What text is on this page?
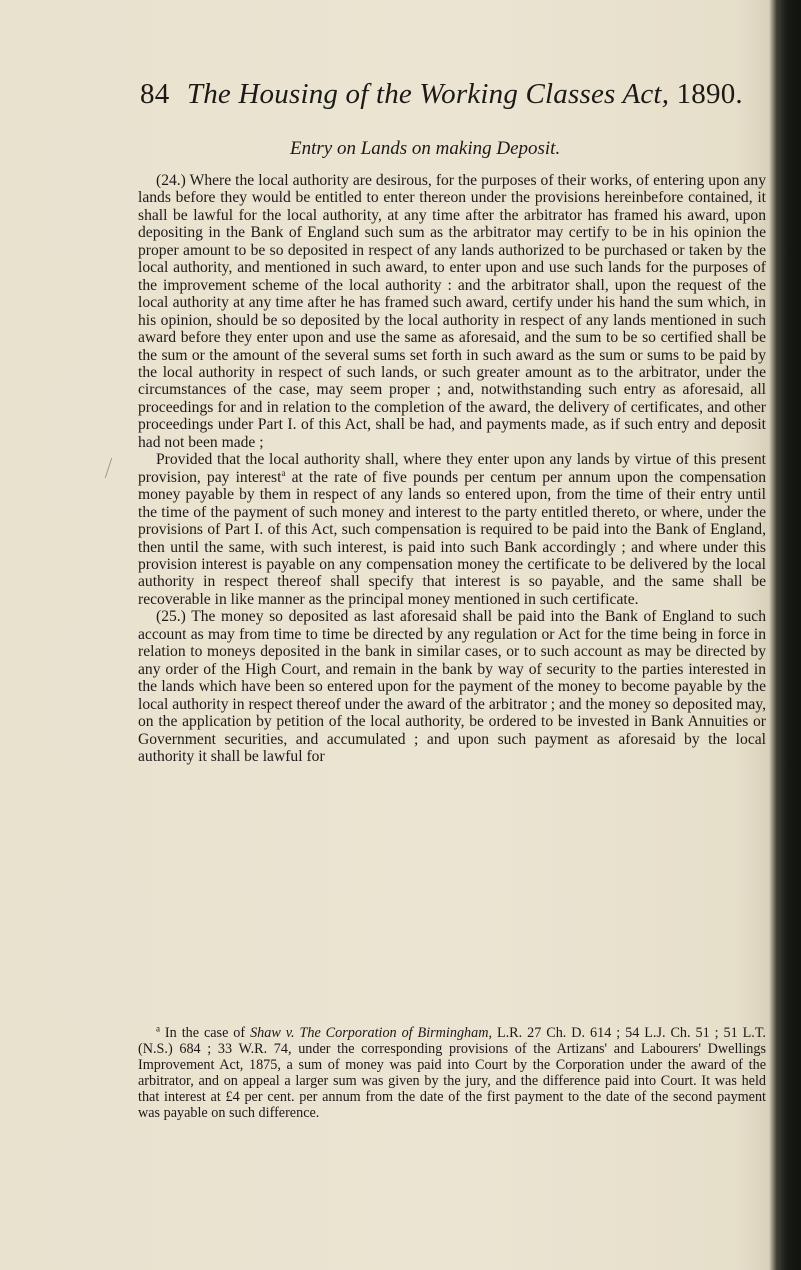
84 The Housing of the Working Classes Act, 1890.
Entry on Lands on making Deposit.

(24.) Where the local authority are desirous, for the purposes of their works, of entering upon any lands before they would be entitled to enter thereon under the provisions hereinbefore contained, it shall be lawful for the local authority, at any time after the arbitrator has framed his award, upon depositing in the Bank of England such sum as the arbitrator may certify to be in his opinion the proper amount to be so deposited in respect of any lands authorized to be purchased or taken by the local authority, and mentioned in such award, to enter upon and use such lands for the purposes of the improvement scheme of the local authority : and the arbitrator shall, upon the request of the local authority at any time after he has framed such award, certify under his hand the sum which, in his opinion, should be so deposited by the local authority in respect of any lands mentioned in such award before they enter upon and use the same as aforesaid, and the sum to be so certified shall be the sum or the amount of the several sums set forth in such award as the sum or sums to be paid by the local authority in respect of such lands, or such greater amount as to the arbitrator, under the circumstances of the case, may seem proper ; and, notwithstanding such entry as aforesaid, all proceedings for and in relation to the completion of the award, the delivery of certificates, and other proceedings under Part I. of this Act, shall be had, and payments made, as if such entry and deposit had not been made ;

Provided that the local authority shall, where they enter upon any lands by virtue of this present provision, pay interest$^a$ at the rate of five pounds per centum per annum upon the compensation money payable by them in respect of any lands so entered upon, from the time of their entry until the time of the payment of such money and interest to the party entitled thereto, or where, under the provisions of Part I. of this Act, such compensation is required to be paid into the Bank of England, then until the same, with such interest, is paid into such Bank accordingly ; and where under this provision interest is payable on any compensation money the certificate to be delivered by the local authority in respect thereof shall specify that interest is so payable, and the same shall be recoverable in like manner as the principal money mentioned in such certificate.

(25.) The money so deposited as last aforesaid shall be paid into the Bank of England to such account as may from time to time be directed by any regulation or Act for the time being in force in relation to moneys deposited in the bank in similar cases, or to such account as may be directed by any order of the High Court, and remain in the bank by way of security to the parties interested in the lands which have been so entered upon for the payment of the money to become payable by the local authority in respect thereof under the award of the arbitrator ; and the money so deposited may, on the application by petition of the local authority, be ordered to be invested in Bank Annuities or Government securities, and accumulated ; and upon such payment as aforesaid by the local authority it shall be lawful for

$^a$ In the case of Shaw v. The Corporation of Birmingham, L.R. 27 Ch. D. 614 ; 54 L.J. Ch. 51 ; 51 L.T. (N.S.) 684 ; 33 W.R. 74, under the corresponding provisions of the Artizans' and Labourers' Dwellings Improvement Act, 1875, a sum of money was paid into Court by the Corporation under the award of the arbitrator, and on appeal a larger sum was given by the jury, and the difference paid into Court. It was held that interest at £4 per cent. per annum from the date of the first payment to the date of the second payment was payable on such difference.
